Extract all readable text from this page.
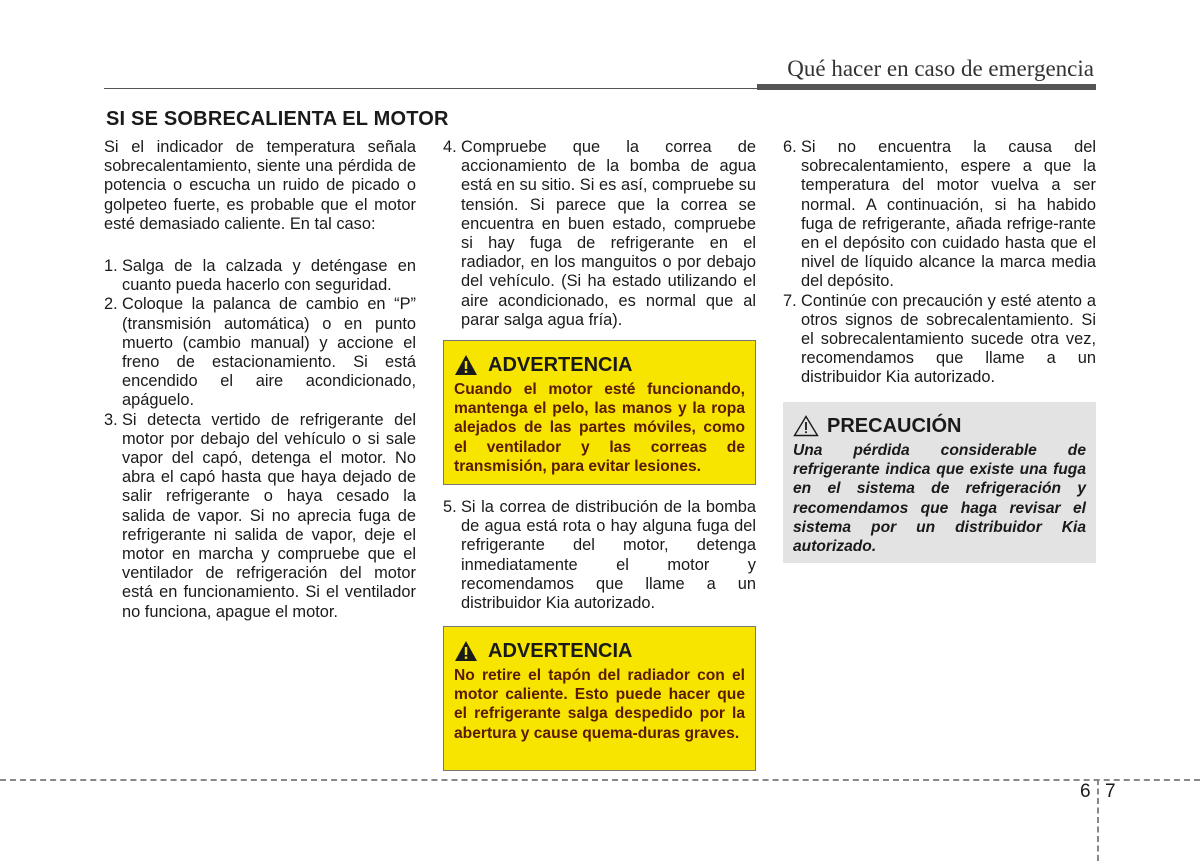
Qué hacer en caso de emergencia
SI SE SOBRECALIENTA EL MOTOR

Si el indicador de temperatura señala sobrecalentamiento, siente una pérdida de potencia o escucha un ruido de picado o golpeteo fuerte, es probable que el motor esté demasiado caliente. En tal caso:

1. Salga de la calzada y deténgase en cuanto pueda hacerlo con seguridad.
2. Coloque la palanca de cambio en “P” (transmisión automática) o en punto muerto (cambio manual) y accione el freno de estacionamiento. Si está encendido el aire acondicionado, apáguelo.
3. Si detecta vertido de refrigerante del motor por debajo del vehículo o si sale vapor del capó, detenga el motor. No abra el capó hasta que haya dejado de salir refrigerante o haya cesado la salida de vapor. Si no aprecia fuga de refrigerante ni salida de vapor, deje el motor en marcha y compruebe que el ventilador de refrigeración del motor está en funcionamiento. Si el ventilador no funciona, apague el motor.
4. Compruebe que la correa de accionamiento de la bomba de agua está en su sitio. Si es así, compruebe su tensión. Si parece que la correa se encuentra en buen estado, compruebe si hay fuga de refrigerante en el radiador, en los manguitos o por debajo del vehículo. (Si ha estado utilizando el aire acondicionado, es normal que al parar salga agua fría).
ADVERTENCIA
Cuando el motor esté funcionando, mantenga el pelo, las manos y la ropa alejados de las partes móviles, como el ventilador y las correas de transmisión, para evitar lesiones.
5. Si la correa de distribución de la bomba de agua está rota o hay alguna fuga del refrigerante del motor, detenga inmediatamente el motor y recomendamos que llame a un distribuidor Kia autorizado.
ADVERTENCIA
No retire el tapón del radiador con el motor caliente. Esto puede hacer que el refrigerante salga despedido por la abertura y cause quema-duras graves.
6. Si no encuentra la causa del sobrecalentamiento, espere a que la temperatura del motor vuelva a ser normal. A continuación, si ha habido fuga de refrigerante, añada refrige-rante en el depósito con cuidado hasta que el nivel de líquido alcance la marca media del depósito.
7. Continúe con precaución y esté atento a otros signos de sobrecalentamiento. Si el sobrecalentamiento sucede otra vez, recomendamos que llame a un distribuidor Kia autorizado.
PRECAUCIÓN
Una pérdida considerable de refrigerante indica que existe una fuga en el sistema de refrigeración y recomendamos que haga revisar el sistema por un distribuidor Kia autorizado.
6 7
